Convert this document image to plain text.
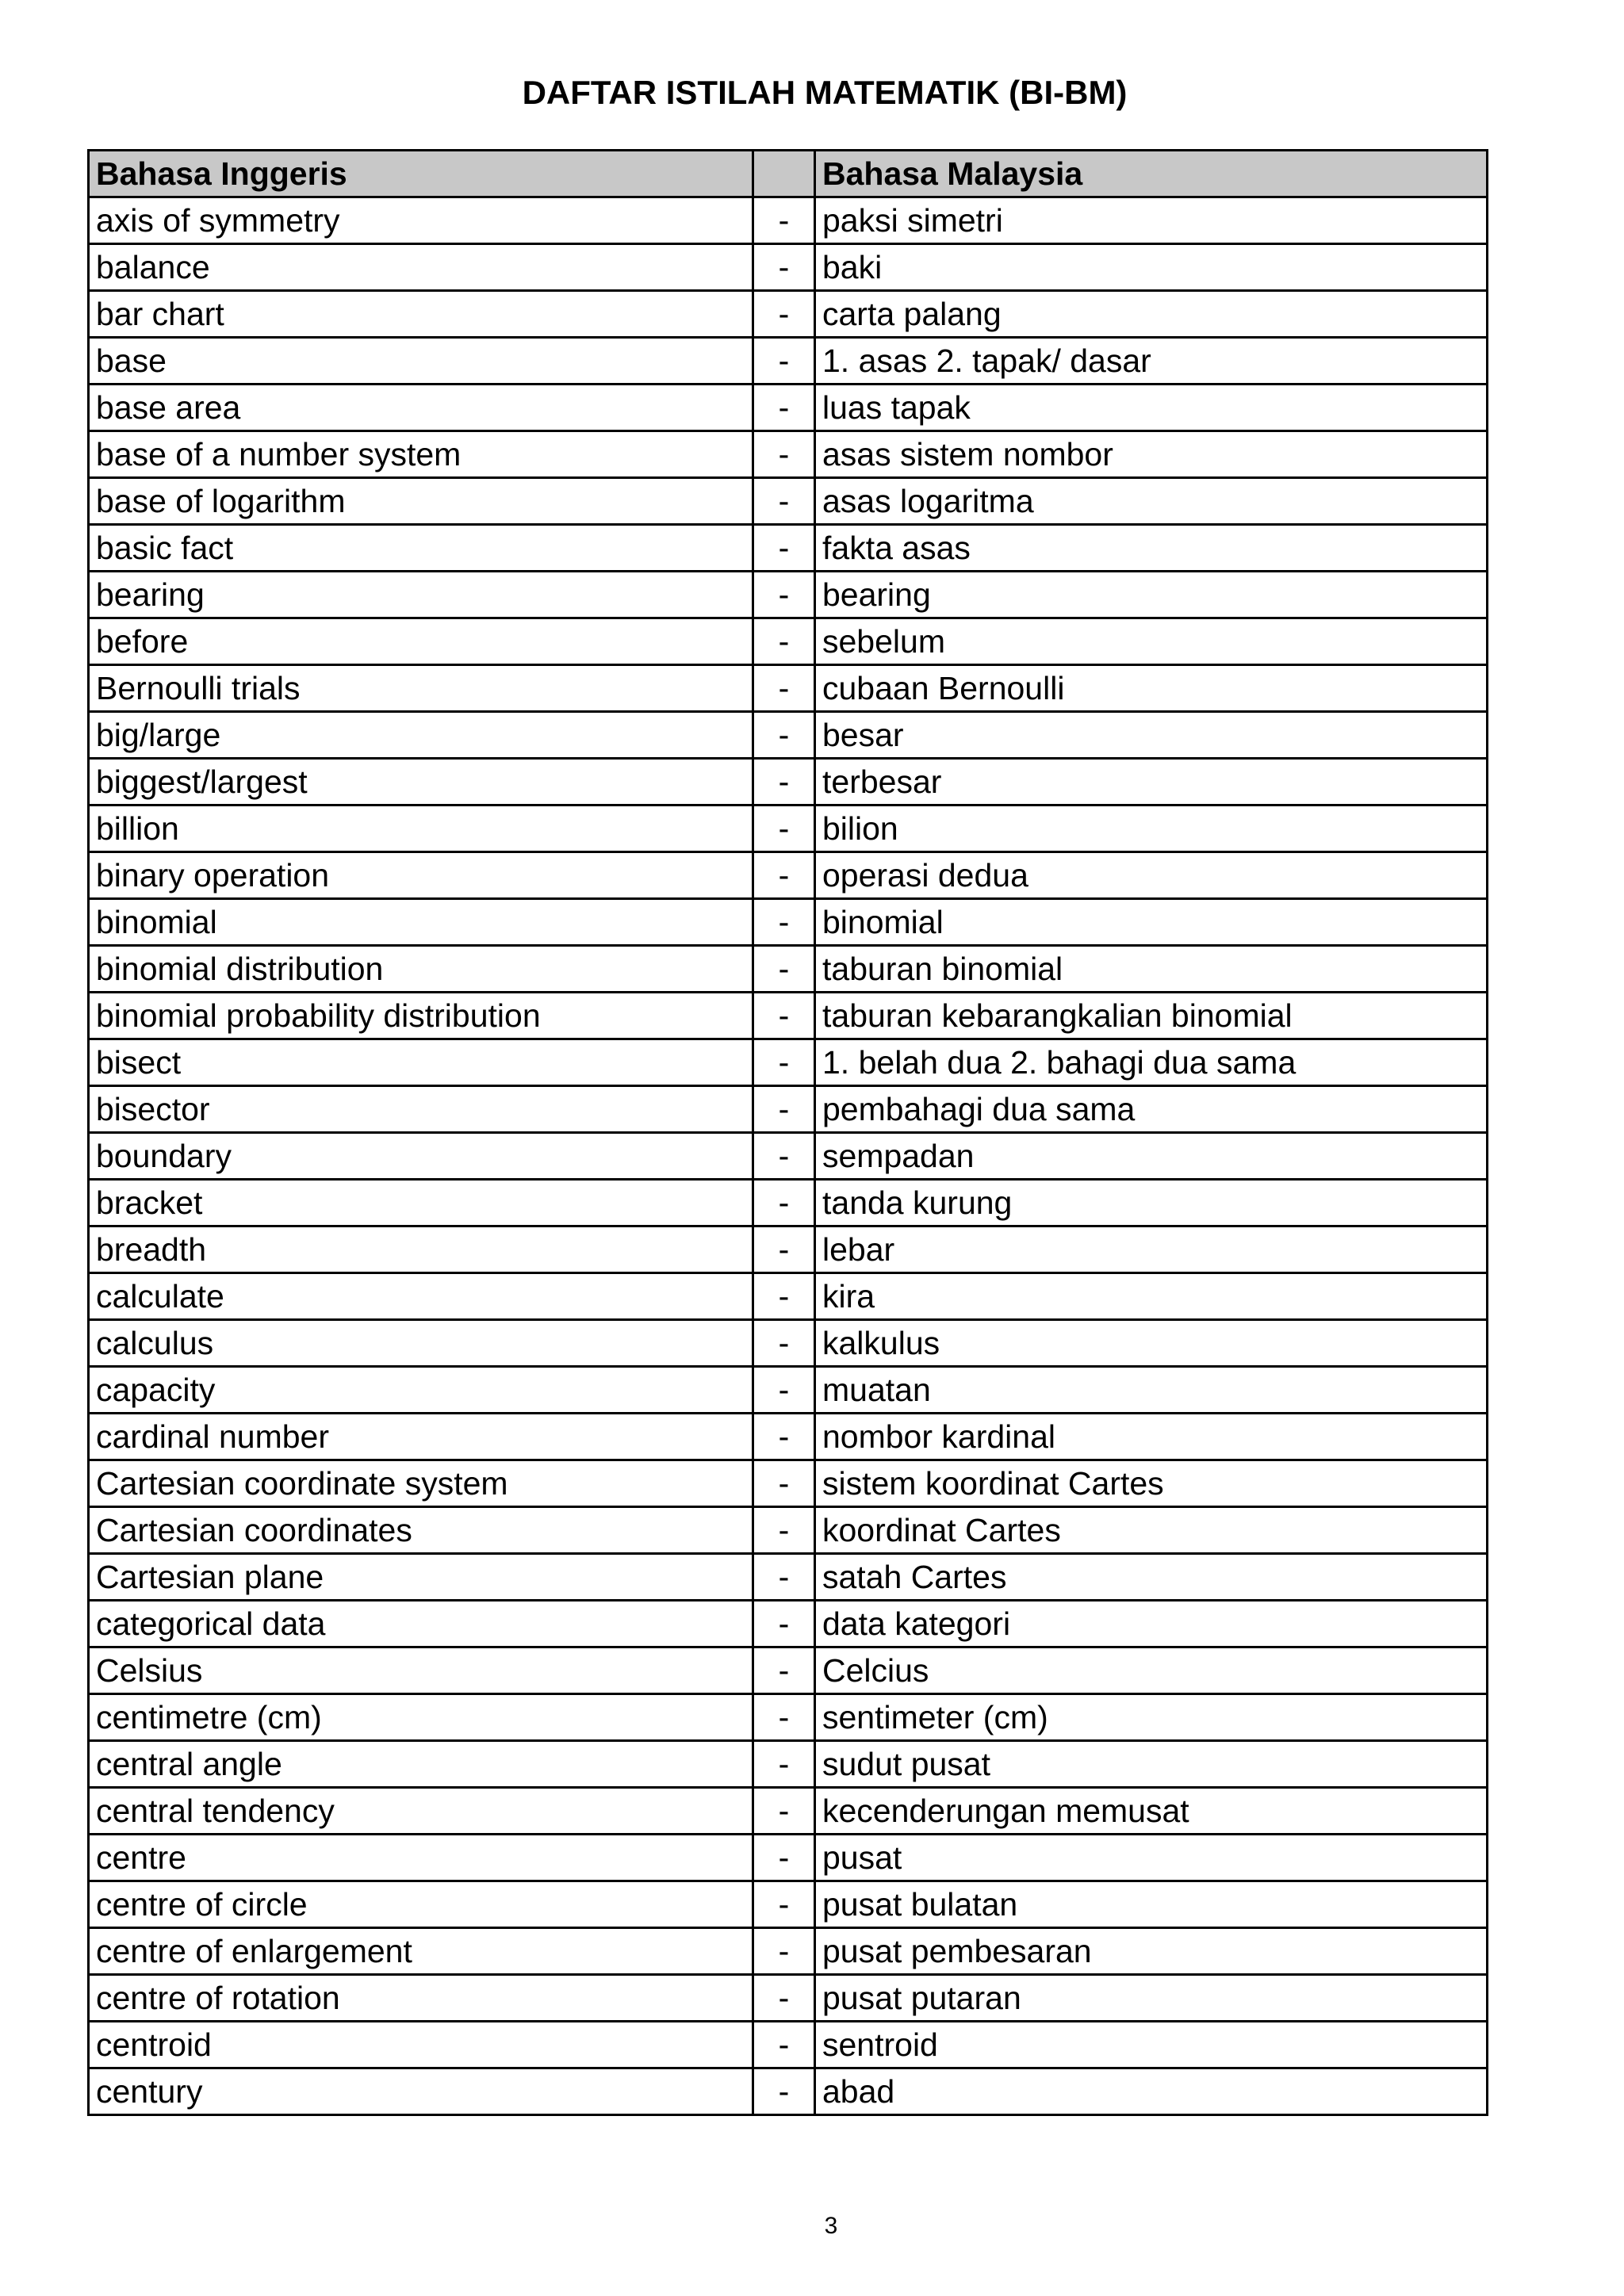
DAFTAR ISTILAH MATEMATIK (BI-BM)
Bahasa Inggeris		Bahasa Malaysia
axis of symmetry	-	paksi simetri
balance	-	baki
bar chart	-	carta palang
base	-	1. asas 2. tapak/ dasar
base area	-	luas tapak
base of a number system	-	asas sistem nombor
base of logarithm	-	asas logaritma
basic fact	-	fakta asas
bearing	-	bearing
before	-	sebelum
Bernoulli trials	-	cubaan Bernoulli
big/large	-	besar
biggest/largest	-	terbesar
billion	-	bilion
binary operation	-	operasi dedua
binomial	-	binomial
binomial distribution	-	taburan binomial
binomial probability distribution	-	taburan kebarangkalian binomial
bisect	-	1. belah dua 2. bahagi dua sama
bisector	-	pembahagi dua sama
boundary	-	sempadan
bracket	-	tanda kurung
breadth	-	lebar
calculate	-	kira
calculus	-	kalkulus
capacity	-	muatan
cardinal number	-	nombor kardinal
Cartesian coordinate system	-	sistem koordinat Cartes
Cartesian coordinates	-	koordinat Cartes
Cartesian plane	-	satah Cartes
categorical data	-	data kategori
Celsius	-	Celcius
centimetre (cm)	-	sentimeter (cm)
central angle	-	sudut pusat
central tendency	-	kecenderungan memusat
centre	-	pusat
centre of circle	-	pusat bulatan
centre of enlargement	-	pusat pembesaran
centre of rotation	-	pusat putaran
centroid	-	sentroid
century	-	abad
3
